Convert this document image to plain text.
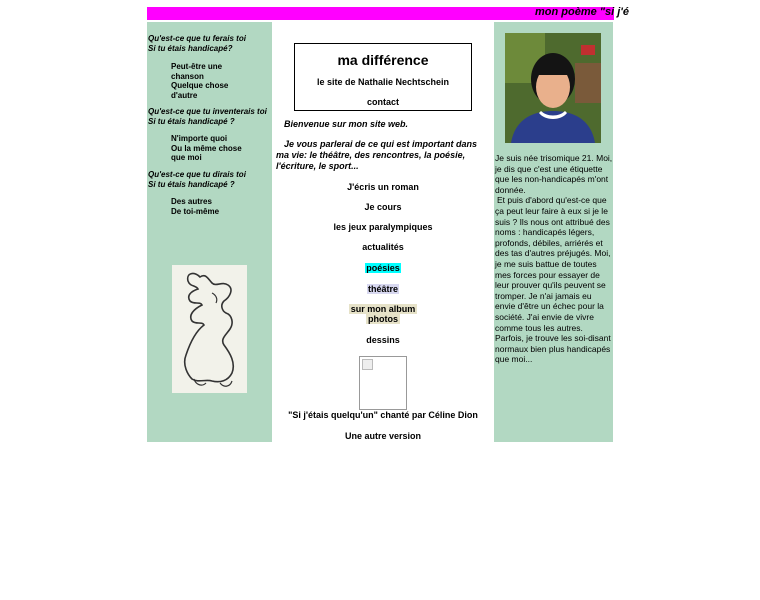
mon poème "si j'é
Qu'est-ce que tu ferais toi
Si tu étais handicapé?
Peut-être une
chanson
Quelque chose
d'autre
Qu'est-ce que tu inventerais toi
Si tu étais handicapé ?
N'importe quoi
Ou la même chose
que moi
Qu'est-ce que tu dirais toi
Si tu étais handicapé ?
Des autres
De toi-même
ma différence
le site de Nathalie Nechtschein
contact
Bienvenue sur mon site web.
Je vous parlerai de ce qui est important dans ma vie: le théâtre, des rencontres, la poésie, l'écriture, le sport...
J'écris un roman
Je cours
les jeux paralympiques
actualités
poésies
théâtre
sur mon album
photos
dessins
"Si j'étais quelqu'un" chanté par Céline Dion
Une autre version

Je suis née trisomique 21. Moi, je dis que c'est une étiquette que les non-handicapés m'ont donnée.

Et puis d'abord qu'est-ce que ça peut leur faire à eux si je le suis ? Ils nous ont attribué des noms : handicapés légers, profonds, débiles, arriérés et des tas d'autres préjugés. Moi, je me suis battue de toutes mes forces pour essayer de leur prouver qu'ils peuvent se tromper. Je n'ai jamais eu envie d'être un échec pour la société. J'ai envie de vivre comme tous les autres. Parfois, je trouve les soi-disant normaux bien plus handicapés que moi...
